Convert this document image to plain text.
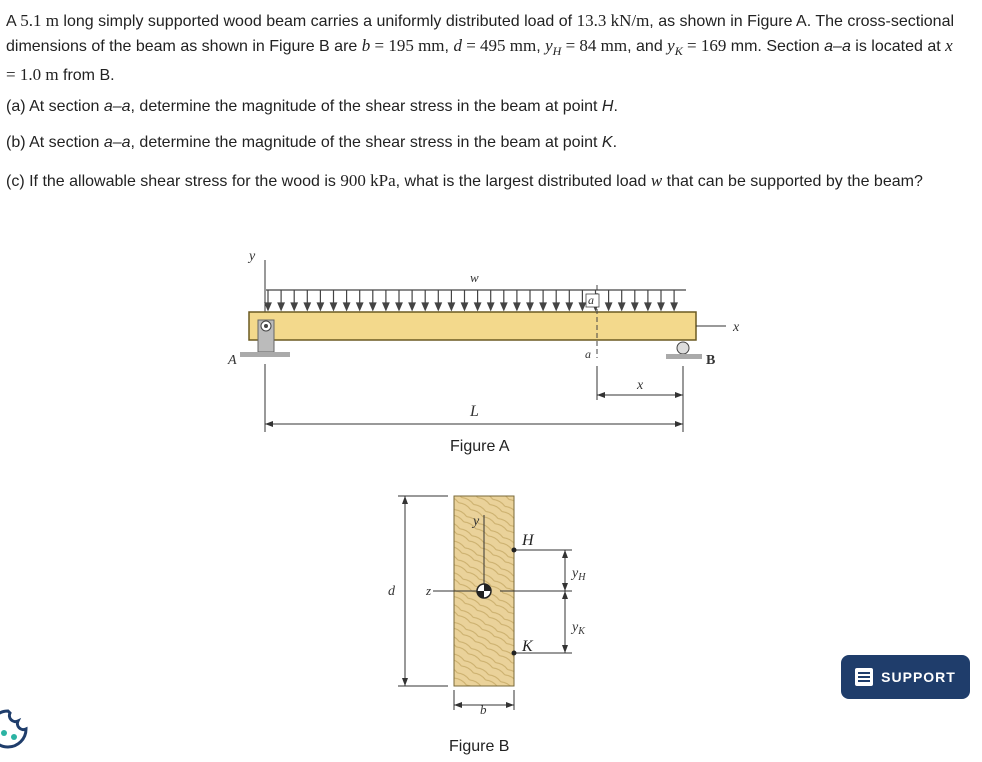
A 5.1 m long simply supported wood beam carries a uniformly distributed load of 13.3 kN/m, as shown in Figure A. The cross-sectional dimensions of the beam as shown in Figure B are b = 195 mm, d = 495 mm, $y_H = 84$ mm, and $y_K = 169$ mm. Section a–a is located at x = 1.0 m from B.
(a) At section a–a, determine the magnitude of the shear stress in the beam at point H.
(b) At section a–a, determine the magnitude of the shear stress in the beam at point K.
(c) If the allowable shear stress for the wood is 900 kPa, what is the largest distributed load w that can be supported by the beam?
y
w
x
a
a
A	B
x
L
Figure A
d z
y
H
K
$y_H$
$y_K$
b
Figure B
SUPPORT
